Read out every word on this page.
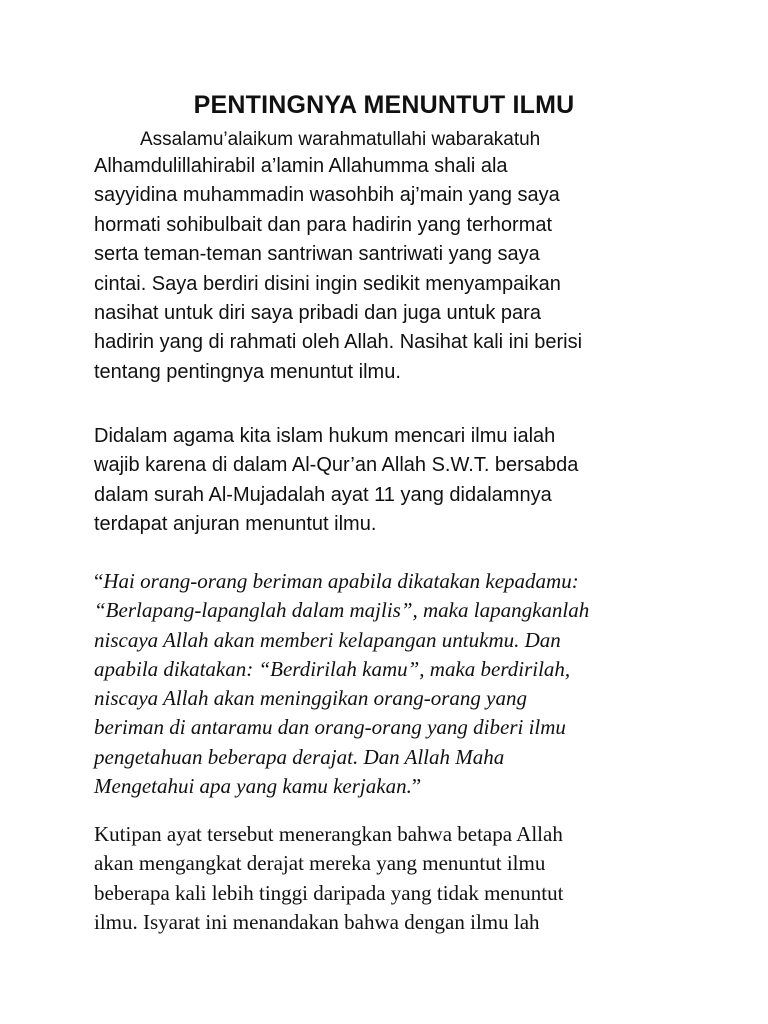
PENTINGNYA MENUNTUT ILMU

Assalamu’alaikum warahmatullahi wabarakatuh

Alhamdulillahirabil a’lamin Allahumma shali ala
sayyidina muhammadin wasohbih aj’main yang saya
hormati sohibulbait dan para hadirin yang terhormat
serta teman-teman santriwan santriwati yang saya
cintai. Saya berdiri disini ingin sedikit menyampaikan
nasihat untuk diri saya pribadi dan juga untuk para
hadirin yang di rahmati oleh Allah. Nasihat kali ini berisi
tentang pentingnya menuntut ilmu.

Didalam agama kita islam hukum mencari ilmu ialah
wajib karena di dalam Al-Qur’an Allah S.W.T. bersabda
dalam surah Al-Mujadalah ayat 11 yang didalamnya
terdapat anjuran menuntut ilmu.

“Hai orang-orang beriman apabila dikatakan kepadamu:
“Berlapang-lapanglah dalam majlis”, maka lapangkanlah
niscaya Allah akan memberi kelapangan untukmu. Dan
apabila dikatakan: “Berdirilah kamu”, maka berdirilah,
niscaya Allah akan meninggikan orang-orang yang
beriman di antaramu dan orang-orang yang diberi ilmu
pengetahuan beberapa derajat. Dan Allah Maha
Mengetahui apa yang kamu kerjakan.”

Kutipan ayat tersebut menerangkan bahwa betapa Allah
akan mengangkat derajat mereka yang menuntut ilmu
beberapa kali lebih tinggi daripada yang tidak menuntut
ilmu. Isyarat ini menandakan bahwa dengan ilmu lah
